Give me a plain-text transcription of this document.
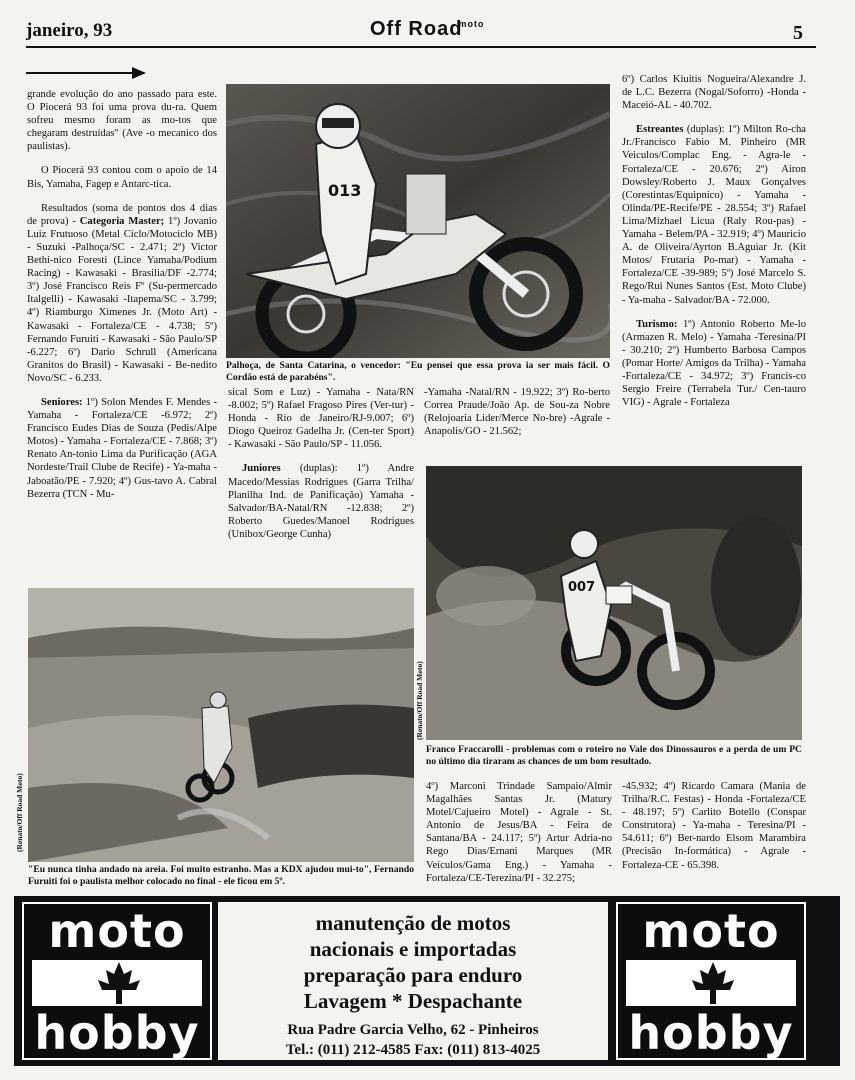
janeiro, 93	Off Road$^{moto}$	5

grande evolução do ano passado para este. O Piocerá 93 foi uma prova du-ra. Quem sofreu mesmo foram as mo-tos que chegaram destruídas" (Ave -o mecanico dos paulistas).

O Piocerá 93 contou com o apoio de 14 Bis, Yamaha, Fagep e Antarc-tica.

Resultados (soma de pontos dos 4 dias de prova) - Categoria Master; 1º) Jovanio Luiz Frutuoso (Metal Ciclo/Motociclo MB) - Suzuki -Palhoça/SC - 2.471; 2º) Victor Bethi-nico Foresti (Lince Yamaha/Podium Racing) - Kawasaki - Brasilia/DF -2.774; 3º) José Francisco Reis Fº (Su-permercado Italgelli) - Kawasaki -Itapema/SC - 3.799; 4º) Riamburgo Ximenes Jr. (Moto Art) - Kawasaki - Fortaleza/CE - 4.738; 5º) Fernando Furuiti - Kawasaki - São Paulo/SP -6.227; 6º) Dario Schrull (Americana Granitos do Brasil) - Kawasaki - Be-nedito Novo/SC - 6.233.

Seniores: 1º) Solon Mendes F. Mendes - Yamaha - Fortaleza/CE -6.972; 2º) Francisco Eudes Dias de Souza (Pedis/Alpe Motos) - Yamaha - Fortaleza/CE - 7.868; 3º) Renato An-tonio Lima da Purificação (AGA Nordeste/Trail Clube de Recife) - Ya-maha - Jaboatão/PE - 7.920; 4º) Gus-tavo A. Cabral Bezerra (TCN - Mu-

013
Palhoça, de Santa Catarina, o vencedor: "Eu pensei que essa prova ia ser mais fácil. O Cordão está de parabéns".

sical Som e Luz) - Yamaha - Nata/RN -8.002; 5º) Rafael Fragoso Pires (Ver-tur) - Honda - Rio de Janeiro/RJ-9.007; 6º) Diogo Queiroz Gadelha Jr. (Cen-ter Sport) - Kawasaki - São Paulo/SP - 11.056.

Juniores (duplas): 1º) Andre Macedo/Messias Rodrigues (Garra Trilha/ Planilha Ind. de Panificação) Yamaha - Salvador/BA-Natal/RN -12.838; 2º) Roberto Guedes/Manoel Rodrigues (Unibox/George Cunha)

-Yamaha -Natal/RN - 19.922; 3º) Ro-berto Correa Praude/João Ap. de Sou-za Nobre (Relojoaria Lider/Merce No-bre) -Agrale - Anapolis/GO - 21.562;

6º) Carlos Kiuitis Nogueira/Alexandre J. de L.C. Bezerra (Nogal/Soforro) -Honda - Maceió-AL - 40.702.

Estreantes (duplas): 1º) Milton Ro-cha Jr./Francisco Fabio M. Pinheiro (MR Veiculos/Complac Eng. - Agra-le - Fortaleza/CE - 20.676; 2º) Airon Dowsley/Roberto J. Maux Gonçalves (Corestintas/Equipnico) - Yamaha -Olinda/PE-Recife/PE - 28.554; 3º) Rafael Lima/Mizhael Licua (Raly Rou-pas) - Yamaha - Belem/PA - 32.919; 4º) Mauricio A. de Oliveira/Ayrton B.Aguiar Jr. (Kit Motos/ Frutaria Po-mar) - Yamaha - Fortaleza/CE -39-989; 5º) José Marcelo S. Rego/Rui Nunes Santos (Est. Moto Clube) - Ya-maha - Salvador/BA - 72.000.

Turismo: 1º) Antonio Roberto Me-lo (Armazen R. Melo) - Yamaha -Teresina/PI - 30.210; 2º) Humberto Barbosa Campos (Pomar Horte/ Amigos da Trilha) - Yamaha -Fortaleza/CE - 34.972; 3º) Francis-co Sergio Freire (Terrabela Tur./ Cen-tauro VIG) - Agrale - Fortaleza

(Renato/Off Road Moto)
007
Franco Fraccarolli - problemas com o roteiro no Vale dos Dinossauros e a perda de um PC no último dia tiraram as chances de um bom resultado.
(Renato/Off Road Moto)
"Eu nunca tinha andado na areia. Foi muito estranho. Mas a KDX ajudou mui-to", Fernando Furuiti foi o paulista melhor colocado no final - ele ficou em 5º.

4º) Marconi Trindade Sampaio/Almir Magalhães Santas Jr. (Matury Motel/Cajueiro Motel) - Agrale - St. Antonio de Jesus/BA - Feira de Santana/BA - 24.117; 5º) Artur Adria-no Rego Dias/Ernani Marques (MR Veículos/Gama Eng.) - Yamaha -Fortaleza/CE-Terezina/PI - 32.275;

-45.932; 4º) Ricardo Camara (Mania de Trilha/R.C. Festas) - Honda -Fortaleza/CE - 48.197; 5º) Carlito Botello (Conspar Construtora) - Ya-maha - Teresina/PI - 54.611; 6º) Ber-nardo Elsom Marambira (Precisão In-formática) - Agrale - Fortaleza-CE - 65.398.

moto
hobby
manutenção de motos
nacionais e importadas
preparação para enduro
Lavagem * Despachante
Rua Padre Garcia Velho, 62 - Pinheiros
Tel.: (011) 212-4585 Fax: (011) 813-4025
moto
hobby
